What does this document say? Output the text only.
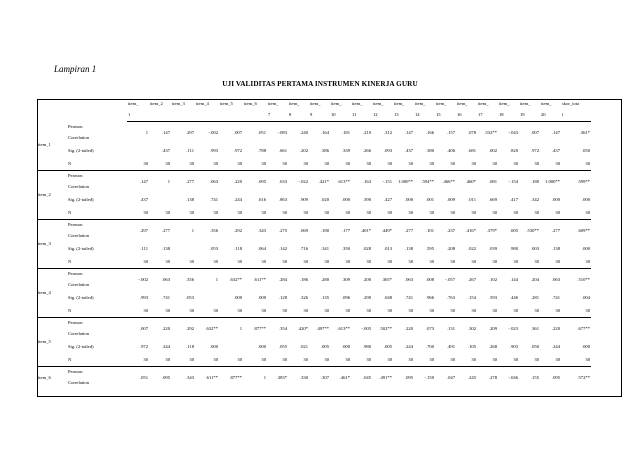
Lampiran 1
UJI VALIDITAS PERTAMA INSTRUMEN KINERJA GURU
		item_	item_2	item_3	item_4	item_5	item_6	item_	item_	item_	item_	item_	item_	item_	item_	item_	item_	item_	item_	item_	item_	skor_tota
		1						7	8	9	10	11	12	13	14	15	16	17	18	19	20	l
item_1	Pearson
Correlation	1	.147	.297	-.002	.007	.051	-.083	.240	.164	.181	.210	.312	.147	.166	.157	.078	.532**	-.043	.007	.147	.361*
	Sig. (2-tailed)		.437	.111	.993	.972	.788	.661	.202	.386	.339	.266	.093	.437	.380	.406	.681	.002	.820	.972	.437	.050
	N	30	30	30	30	30	30	30	30	30	30	30	30	30	30	30	30	30	30	30	30	30
item_2	Pearson
Correlation	.147	1	.277	.063	.220	.095	.033	-.022	.421*	.613**	.163	-.151	1.000**	.594**	.466**	.460*	.081	-.154	.180	1.000**	.599**
	Sig. (2-tailed)	.437		.138	.741	.244	.616	.863	.909	.020	.000	.390	.427	.000	.001	.009	.011	.669	.417	.342	.000	.000
	N	30	30	30	30	30	30	30	30	30	30	30	30	30	30	30	30	30	30	30	30	30
item_3	Pearson
Correlation	.297	.277	1	.356	.292	.343	.275	.069	.180	.177	.401*	.449*	.277	.101	.237	.416*	.379*	.005	.530**	.277	.609**
	Sig. (2-tailed)	.111	.138		.053	.118	.064	.142	.716	.341	.350	.028	.013	.138	.595	.208	.022	.039	.980	.003	.138	.000
	N	30	30	30	30	30	30	30	30	30	30	30	30	30	30	30	30	30	30	30	30	30
item_4	Pearson
Correlation	-.002	.063	.356	1	.632**	.611**	.284	.186	.280	.309	.200	.365*	.063	.008	-.057	.267	.102	.144	.204	.063	.510**
	Sig. (2-tailed)	.993	.741	.053		.000	.000	.128	.326	.135	.096	.290	.048	.741	.966	.763	.154	.593	.446	.281	.741	.004
	N	30	30	30	30	30	30	30	30	30	30	30	30	30	30	30	30	30	30	30	30	30
item_5	Pearson
Correlation	.007	.220	.292	.632**	1	.877**	.354	.420*	.497**	.613**	-.005	.502**	.220	.073	.131	.302	.209	-.023	.361	.220	.677**
	Sig. (2-tailed)	.972	.244	.118	.000		.000	.055	.021	.005	.000	.980	.005	.244	.700	.491	.105	.268	.903	.050	.244	.000
	N	30	30	30	30	30	30	30	30	30	30	30	30	30	30	30	30	30	30	30	30	30
item_6	Pearson
Correlation	.051	.095	.343	.611**	.877**	1	.383*	.330	.307	.461*	.045	.491**	.095	-.150	.047	.245	.278	-.046	.155	.095	.572**
